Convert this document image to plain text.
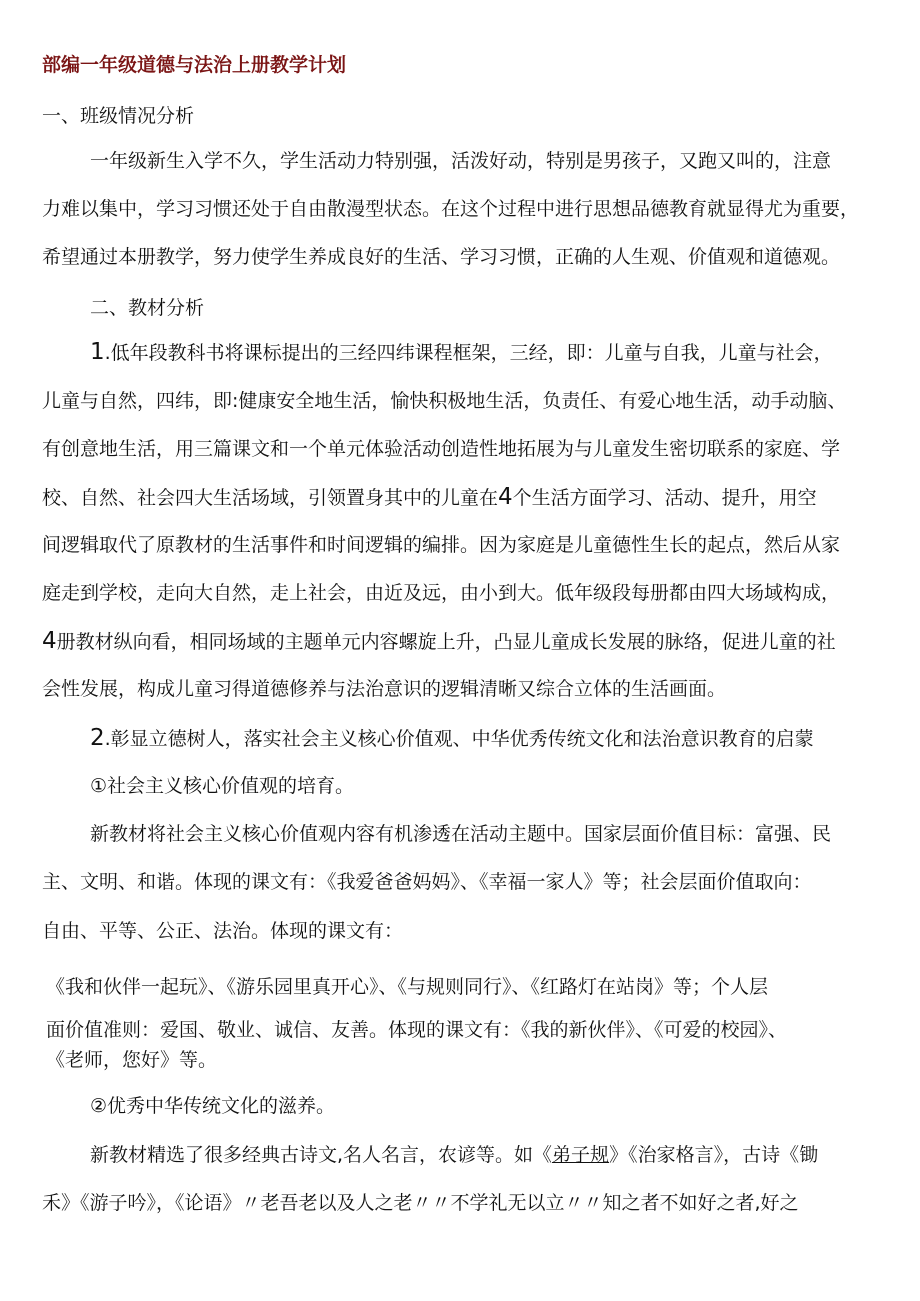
部编一年级道德与法治上册教学计划
一、班级情况分析
一年级新生入学不久，学生活动力特别强，活泼好动，特别是男孩子，又跑又叫的，注意
力难以集中，学习习惯还处于自由散漫型状态。在这个过程中进行思想品德教育就显得尤为重要，
希望通过本册教学，努力使学生养成良好的生活、学习习惯，正确的人生观、价值观和道德观。
二、教材分析
1.低年段教科书将课标提出的三经四纬课程框架，三经，即：儿童与自我，儿童与社会，
儿童与自然，四纬，即:健康安全地生活，愉快积极地生活，负责任、有爱心地生活，动手动脑、
有创意地生活，用三篇课文和一个单元体验活动创造性地拓展为与儿童发生密切联系的家庭、学
校、自然、社会四大生活场域，引领置身其中的儿童在4个生活方面学习、活动、提升，用空
间逻辑取代了原教材的生活事件和时间逻辑的编排。因为家庭是儿童德性生长的起点，然后从家
庭走到学校，走向大自然，走上社会，由近及远，由小到大。低年级段每册都由四大场域构成，
4册教材纵向看，相同场域的主题单元内容螺旋上升，凸显儿童成长发展的脉络，促进儿童的社
会性发展，构成儿童习得道德修养与法治意识的逻辑清晰又综合立体的生活画面。
2.彰显立德树人，落实社会主义核心价值观、中华优秀传统文化和法治意识教育的启蒙
①社会主义核心价值观的培育。
新教材将社会主义核心价值观内容有机渗透在活动主题中。国家层面价值目标：富强、民
主、文明、和谐。体现的课文有：《我爱爸爸妈妈》、《幸福一家人》等；社会层面价值取向：
自由、平等、公正、法治。体现的课文有：
《我和伙伴一起玩》、《游乐园里真开心》、《与规则同行》、《红路灯在站岗》等；个人层
面价值准则：爱国、敬业、诚信、友善。体现的课文有：《我的新伙伴》、《可爱的校园》、
《老师，您好》等。
②优秀中华传统文化的滋养。
新教材精选了很多经典古诗文,名人名言，农谚等。如《弟子规》《治家格言》，古诗《锄
禾》《游子吟》，《论语》〃老吾老以及人之老〃〃不学礼无以立〃〃知之者不如好之者,好之
